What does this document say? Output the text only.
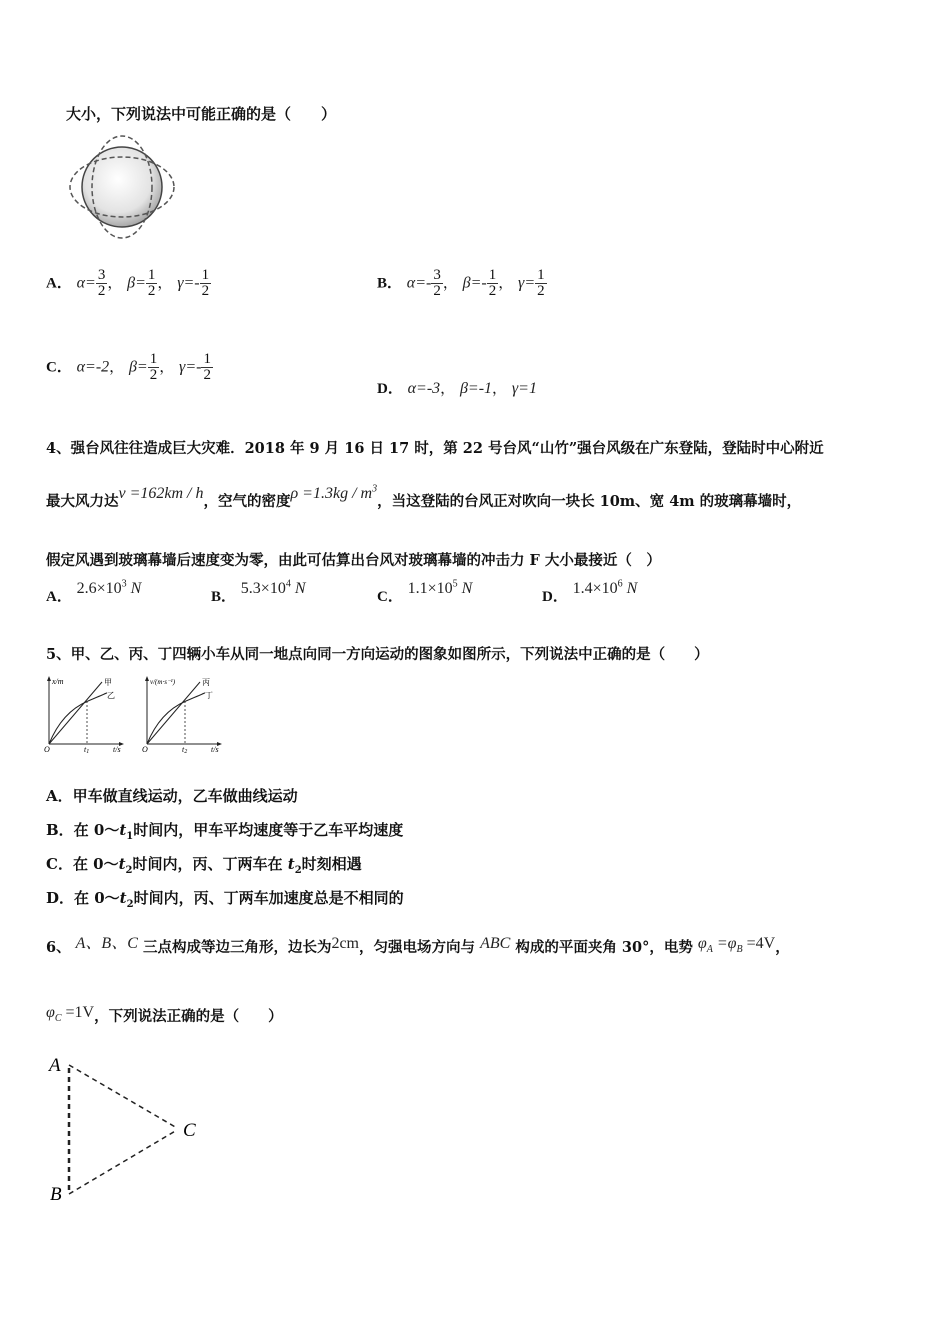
大小，下列说法中可能正确的是（　　）
A． $\alpha= \frac{3}{2}$ ， $\beta= \frac{1}{2}$ ， $\gamma=- \frac{1}{2}$	B． $\alpha=- \frac{3}{2}$ ， $\beta=- \frac{1}{2}$ ， $\gamma= \frac{1}{2}$
C． α=-2， $\beta= \frac{1}{2}$ ， $\gamma=- \frac{1}{2}$
D． α=-3， β=-1， γ=1
4、强台风往往造成巨大灾难．2018 年 9 月 16 日 17 时，第 22 号台风“山竹”强台风级在广东登陆，登陆时中心附近
最大风力达v =162km / h，空气的密度$\rho =1.3kg / m^3$，当这登陆的台风正对吹向一块长 10m、宽 4m 的玻璃幕墙时，
假定风遇到玻璃幕墙后速度变为零，由此可估算出台风对玻璃幕墙的冲击力 F 大小最接近（　）
A． $2.6\times 10^3$ N	B． $5.3\times 10^4$ N	C． $1.1\times 10^5$ N	D． $1.4\times 10^6$ N
5、甲、乙、丙、丁四辆小车从同一地点向同一方向运动的图象如图所示，下列说法中正确的是（　　）
x/m
O	t/s
t1
甲
乙
v/(m·s⁻¹)
O	t/s
t2
丙
丁
A．甲车做直线运动，乙车做曲线运动
B．在 $0\sim t_1$时间内，甲车平均速度等于乙车平均速度
C．在 $0\sim t_2$时间内，丙、丁两车在 $t_2$时刻相遇
D．在 $0\sim t_2$时间内，丙、丁两车加速度总是不相同的
6、 A、B、C 三点构成等边三角形，边长为2cm，匀强电场方向与 ABC 构成的平面夹角 30°，电势 $\varphi_A =\varphi_B =4V$，
$\varphi_C =1V$，下列说法正确的是（　　）
A
B
C
